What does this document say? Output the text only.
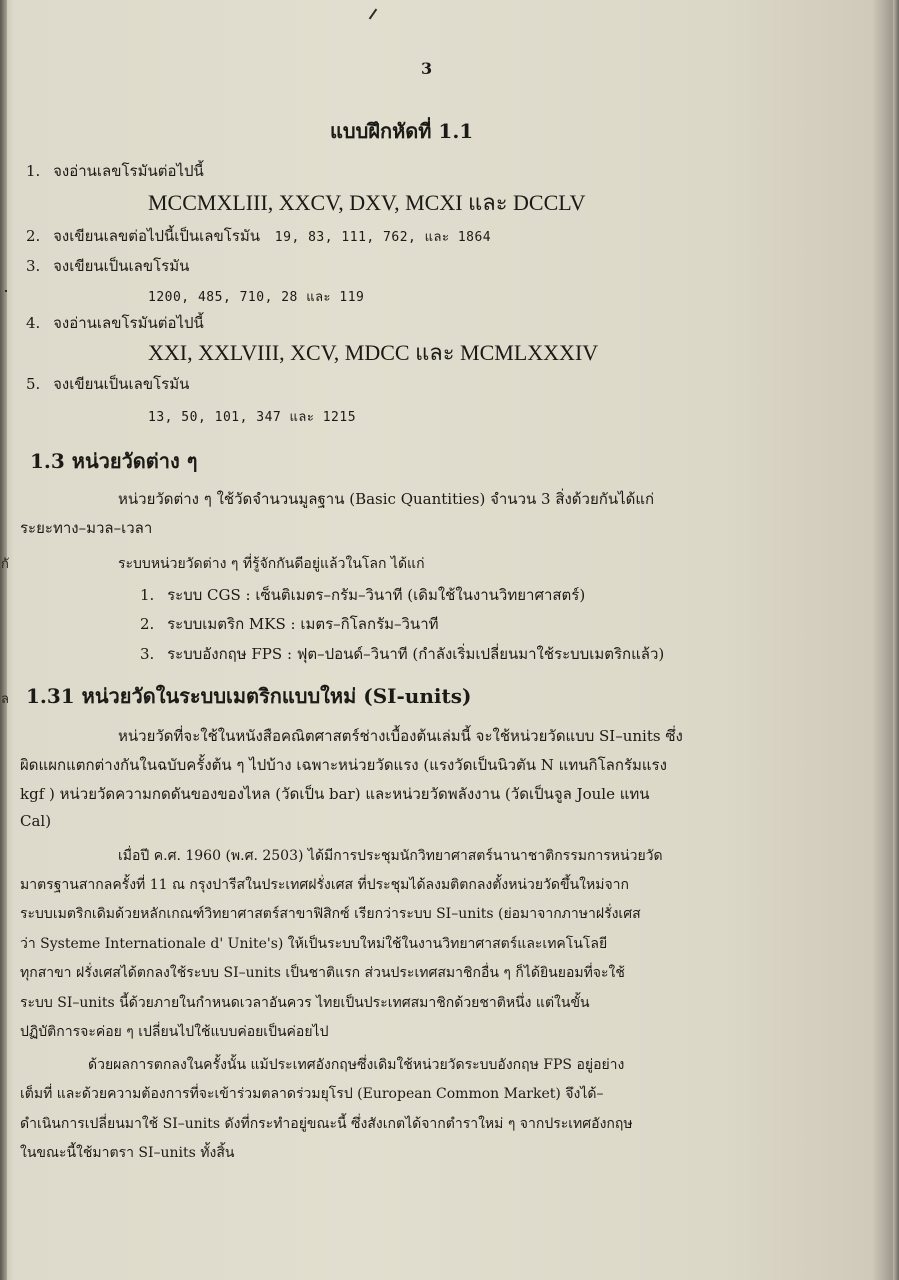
3
แบบฝึกหัดที่ 1.1
1. จงอ่านเลขโรมันต่อไปนี้
MCCMXLIII, XXCV, DXV, MCXI และ DCCLV
2. จงเขียนเลขต่อไปนี้เป็นเลขโรมัน 19, 83, 111, 762, และ 1864
3. จงเขียนเป็นเลขโรมัน
1200, 485, 710, 28 และ 119
4. จงอ่านเลขโรมันต่อไปนี้
XXI, XXLVIII, XCV, MDCC และ MCMLXXXIV
5. จงเขียนเป็นเลขโรมัน
13, 50, 101, 347 และ 1215
1.3 หน่วยวัดต่าง ๆ
หน่วยวัดต่าง ๆ ใช้วัดจำนวนมูลฐาน (Basic Quantities) จำนวน 3 สิ่งด้วยกันได้แก่
ระยะทาง–มวล–เวลา
ระบบหน่วยวัดต่าง ๆ ที่รู้จักกันดีอยู่แล้วในโลก ได้แก่
1. ระบบ CGS : เซ็นติเมตร–กรัม–วินาที (เดิมใช้ในงานวิทยาศาสตร์)
2. ระบบเมตริก MKS : เมตร–กิโลกรัม–วินาที
3. ระบบอังกฤษ FPS : ฟุต–ปอนด์–วินาที (กำลังเริ่มเปลี่ยนมาใช้ระบบเมตริกแล้ว)
กั
ล 1.31 หน่วยวัดในระบบเมตริกแบบใหม่ (SI-units)
หน่วยวัดที่จะใช้ในหนังสือคณิตศาสตร์ช่างเบื้องต้นเล่มนี้ จะใช้หน่วยวัดแบบ SI–units ซึ่ง
ผิดแผกแตกต่างกันในฉบับครั้งต้น ๆ ไปบ้าง เฉพาะหน่วยวัดแรง (แรงวัดเป็นนิวตัน N แทนกิโลกรัมแรง
kgf ) หน่วยวัดความกดดันของของไหล (วัดเป็น bar) และหน่วยวัดพลังงาน (วัดเป็นจูล Joule แทน
Cal)
เมื่อปี ค.ศ. 1960 (พ.ศ. 2503) ได้มีการประชุมนักวิทยาศาสตร์นานาชาติกรรมการหน่วยวัด
มาตรฐานสากลครั้งที่ 11 ณ กรุงปารีสในประเทศฝรั่งเศส ที่ประชุมได้ลงมติตกลงตั้งหน่วยวัดขึ้นใหม่จาก
ระบบเมตริกเดิมด้วยหลักเกณฑ์วิทยาศาสตร์สาขาฟิสิกซ์ เรียกว่าระบบ SI–units (ย่อมาจากภาษาฝรั่งเศส
ว่า Systeme Internationale d' Unite's) ให้เป็นระบบใหม่ใช้ในงานวิทยาศาสตร์และเทคโนโลยี
ทุกสาขา ฝรั่งเศสได้ตกลงใช้ระบบ SI–units เป็นชาติแรก ส่วนประเทศสมาชิกอื่น ๆ ก็ได้ยินยอมที่จะใช้
ระบบ SI–units นี้ด้วยภายในกำหนดเวลาอันควร ไทยเป็นประเทศสมาชิกด้วยชาติหนึ่ง แต่ในขั้น
ปฏิบัติการจะค่อย ๆ เปลี่ยนไปใช้แบบค่อยเป็นค่อยไป
ด้วยผลการตกลงในครั้งนั้น แม้ประเทศอังกฤษซึ่งเดิมใช้หน่วยวัดระบบอังกฤษ FPS อยู่อย่าง
เต็มที่ และด้วยความต้องการที่จะเข้าร่วมตลาดร่วมยุโรป (European Common Market) จึงได้–
ดำเนินการเปลี่ยนมาใช้ SI–units ดังที่กระทำอยู่ขณะนี้ ซึ่งสังเกตได้จากตำราใหม่ ๆ จากประเทศอังกฤษ
ในขณะนี้ใช้มาตรา SI–units ทั้งสิ้น
